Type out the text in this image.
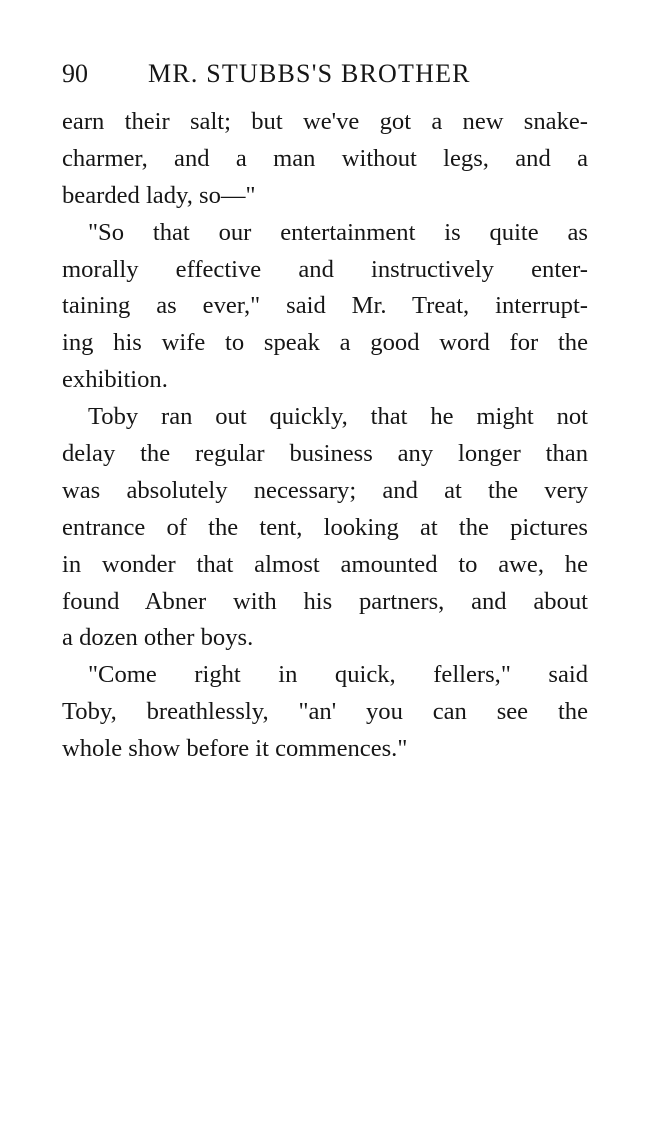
90 MR. STUBBS'S BROTHER

earn their salt; but we've got a new snake-
charmer, and a man without legs, and a
bearded lady, so—"

"So that our entertainment is quite as
morally effective and instructively enter-
taining as ever," said Mr. Treat, interrupt-
ing his wife to speak a good word for the
exhibition.

Toby ran out quickly, that he might not
delay the regular business any longer than
was absolutely necessary; and at the very
entrance of the tent, looking at the pictures
in wonder that almost amounted to awe, he
found Abner with his partners, and about
a dozen other boys.

"Come right in quick, fellers," said
Toby, breathlessly, "an' you can see the
whole show before it commences."
